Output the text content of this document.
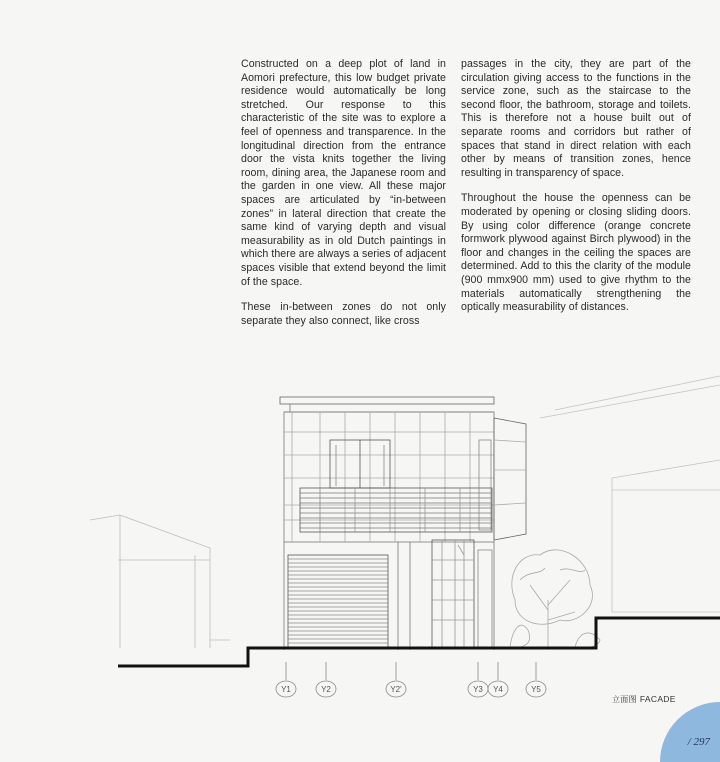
Constructed on a deep plot of land in Aomori prefecture, this low budget private residence would automatically be long stretched. Our response to this characteristic of the site was to explore a feel of openness and transparence. In the longitudinal direction from the entrance door the vista knits together the living room, dining area, the Japanese room and the garden in one view. All these major spaces are articulated by “in-between zones” in lateral direction that create the same kind of varying depth and visual measurability as in old Dutch paintings in which there are always a series of adjacent spaces visible that extend beyond the limit of the space.

These in-between zones do not only separate they also connect, like cross

passages in the city, they are part of the circulation giving access to the functions in the service zone, such as the staircase to the second floor, the bathroom, storage and toilets. This is therefore not a house built out of separate rooms and corridors but rather of spaces that stand in direct relation with each other by means of transition zones, hence resulting in transparency of space.

Throughout the house the openness can be moderated by opening or closing sliding doors. By using color difference (orange concrete formwork plywood against Birch plywood) in the floor and changes in the ceiling the spaces are determined. Add to this the clarity of the module (900 mmx900 mm) used to give rhythm to the materials automatically strengthening the optically measurability of distances.

Y1	Y2	Y2'	Y3 Y4	Y5
立面图 FACADE
/ 297
